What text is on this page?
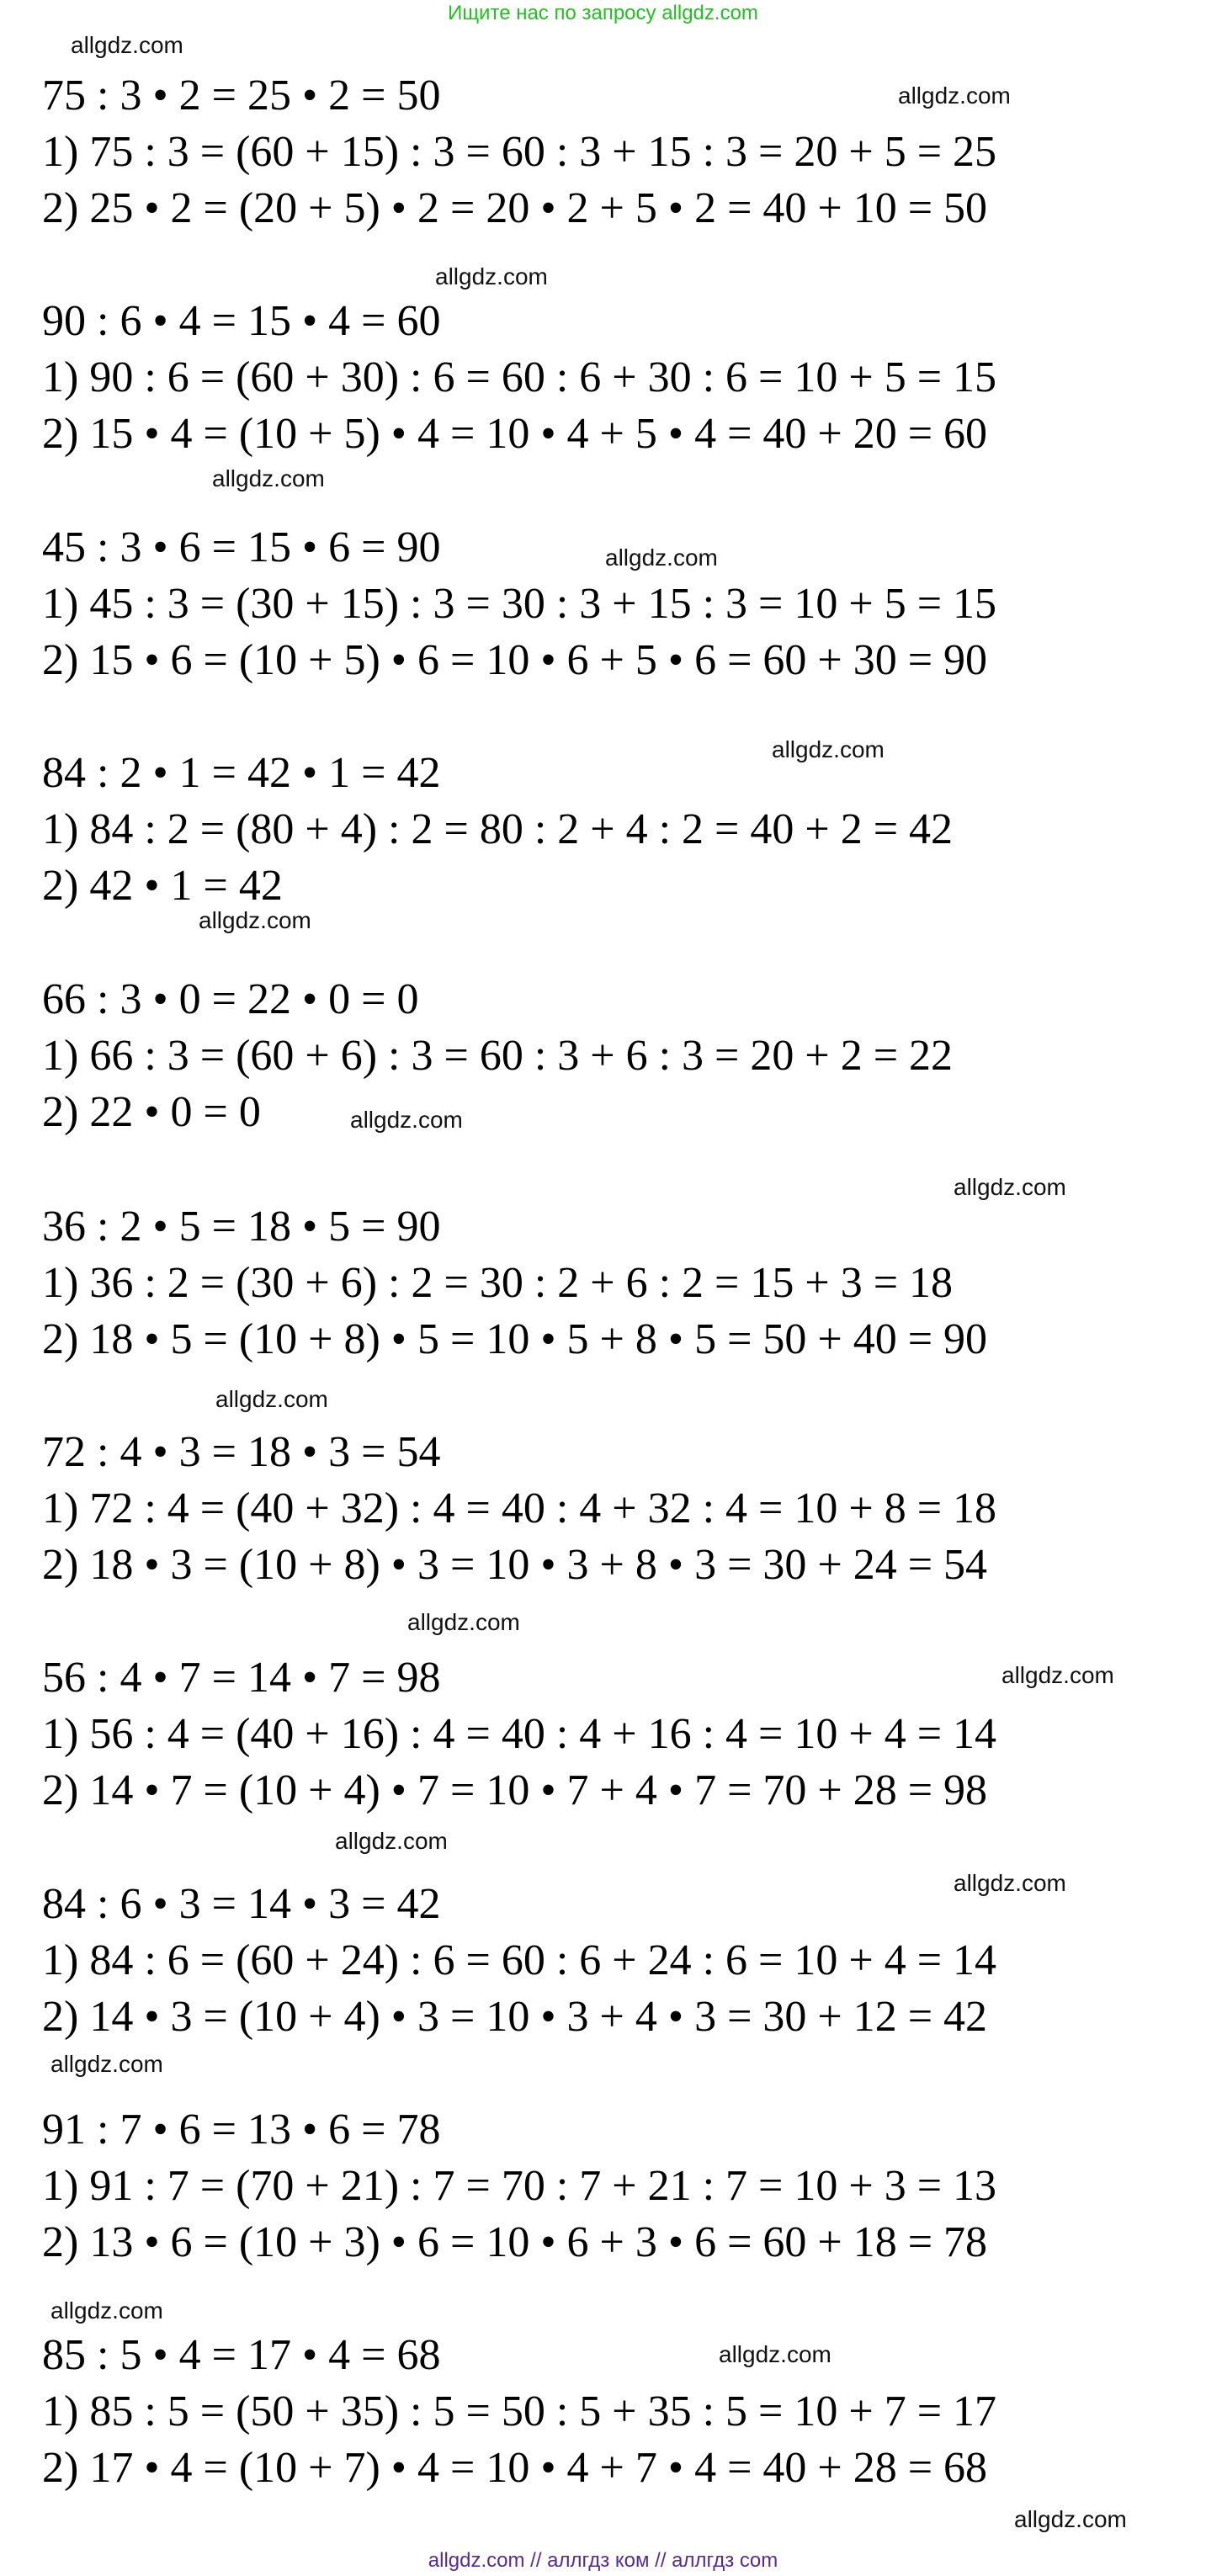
Ищите нас по запросу allgdz.com
allgdz.com
allgdz.com
allgdz.com
allgdz.com
allgdz.com
allgdz.com
allgdz.com
allgdz.com
allgdz.com
allgdz.com
allgdz.com
allgdz.com
allgdz.com
allgdz.com
allgdz.com
allgdz.com
allgdz.com
allgdz.com
75 : 3 • 2 = 25 • 2 = 50
1) 75 : 3 = (60 + 15) : 3 = 60 : 3 + 15 : 3 = 20 + 5 = 25
2) 25 • 2 = (20 + 5) • 2 = 20 • 2 + 5 • 2 = 40 + 10 = 50
90 : 6 • 4 = 15 • 4 = 60
1) 90 : 6 = (60 + 30) : 6 = 60 : 6 + 30 : 6 = 10 + 5 = 15
2) 15 • 4 = (10 + 5) • 4 = 10 • 4 + 5 • 4 = 40 + 20 = 60
45 : 3 • 6 = 15 • 6 = 90
1) 45 : 3 = (30 + 15) : 3 = 30 : 3 + 15 : 3 = 10 + 5 = 15
2) 15 • 6 = (10 + 5) • 6 = 10 • 6 + 5 • 6 = 60 + 30 = 90
84 : 2 • 1 = 42 • 1 = 42
1) 84 : 2 = (80 + 4) : 2 = 80 : 2 + 4 : 2 = 40 + 2 = 42
2) 42 • 1 = 42
66 : 3 • 0 = 22 • 0 = 0
1) 66 : 3 = (60 + 6) : 3 = 60 : 3 + 6 : 3 = 20 + 2 = 22
2) 22 • 0 = 0
36 : 2 • 5 = 18 • 5 = 90
1) 36 : 2 = (30 + 6) : 2 = 30 : 2 + 6 : 2 = 15 + 3 = 18
2) 18 • 5 = (10 + 8) • 5 = 10 • 5 + 8 • 5 = 50 + 40 = 90
72 : 4 • 3 = 18 • 3 = 54
1) 72 : 4 = (40 + 32) : 4 = 40 : 4 + 32 : 4 = 10 + 8 = 18
2) 18 • 3 = (10 + 8) • 3 = 10 • 3 + 8 • 3 = 30 + 24 = 54
56 : 4 • 7 = 14 • 7 = 98
1) 56 : 4 = (40 + 16) : 4 = 40 : 4 + 16 : 4 = 10 + 4 = 14
2) 14 • 7 = (10 + 4) • 7 = 10 • 7 + 4 • 7 = 70 + 28 = 98
84 : 6 • 3 = 14 • 3 = 42
1) 84 : 6 = (60 + 24) : 6 = 60 : 6 + 24 : 6 = 10 + 4 = 14
2) 14 • 3 = (10 + 4) • 3 = 10 • 3 + 4 • 3 = 30 + 12 = 42
91 : 7 • 6 = 13 • 6 = 78
1) 91 : 7 = (70 + 21) : 7 = 70 : 7 + 21 : 7 = 10 + 3 = 13
2) 13 • 6 = (10 + 3) • 6 = 10 • 6 + 3 • 6 = 60 + 18 = 78
85 : 5 • 4 = 17 • 4 = 68
1) 85 : 5 = (50 + 35) : 5 = 50 : 5 + 35 : 5 = 10 + 7 = 17
2) 17 • 4 = (10 + 7) • 4 = 10 • 4 + 7 • 4 = 40 + 28 = 68
allgdz.com // аллгдз ком // аллгдз com
